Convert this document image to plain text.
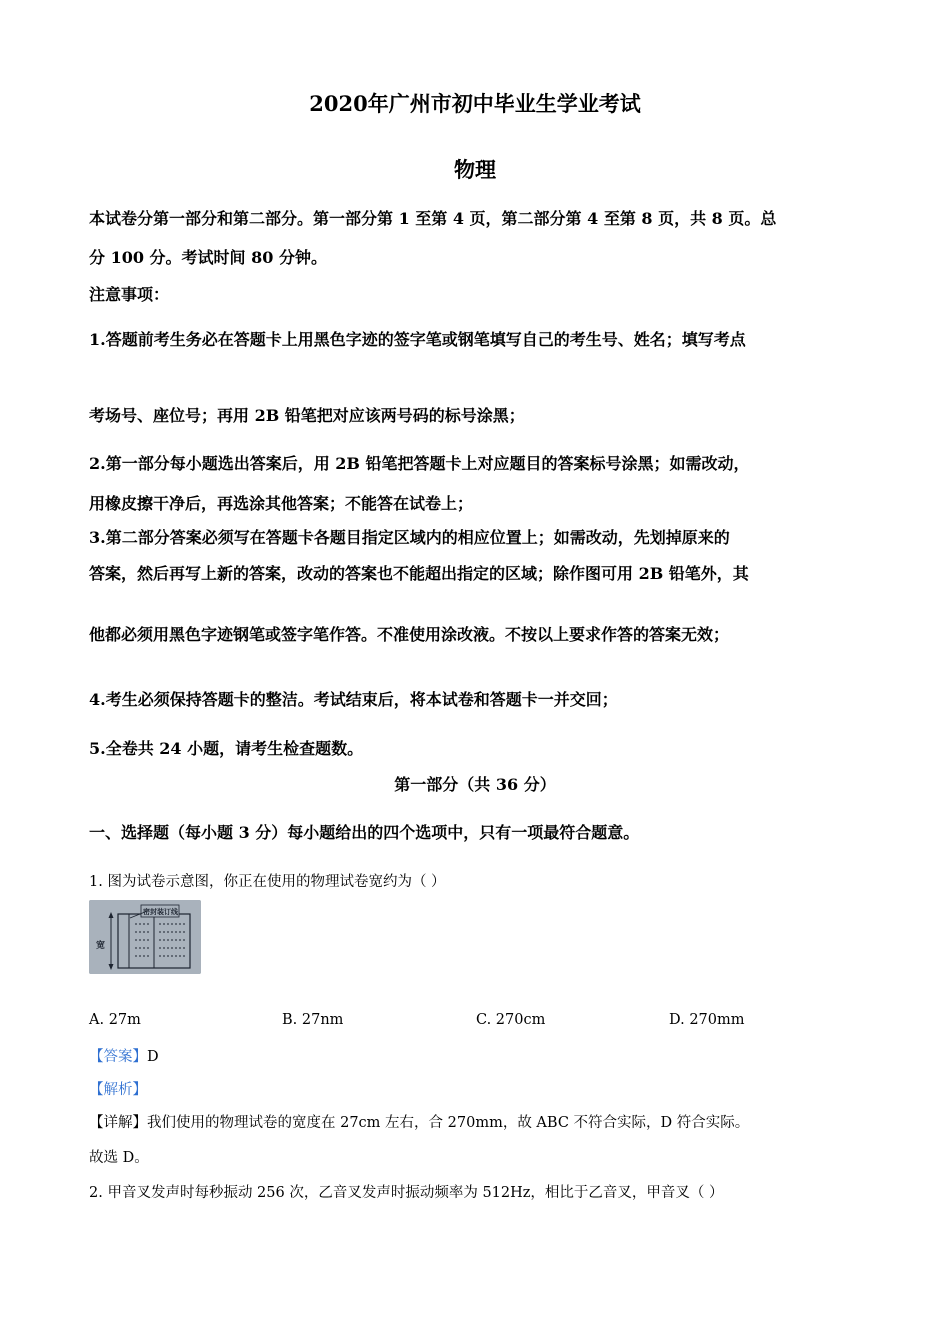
2020年广州市初中毕业生学业考试
物理
本试卷分第一部分和第二部分。第一部分第 1 至第 4 页，第二部分第 4 至第 8 页，共 8 页。总
分 100 分。考试时间 80 分钟。
注意事项：
1.答题前考生务必在答题卡上用黑色字迹的签字笔或钢笔填写自己的考生号、姓名；填写考点
考场号、座位号；再用 2B 铅笔把对应该两号码的标号涂黑；
2.第一部分每小题选出答案后，用 2B 铅笔把答题卡上对应题目的答案标号涂黑；如需改动，
用橡皮擦干净后，再选涂其他答案；不能答在试卷上；
3.第二部分答案必须写在答题卡各题目指定区域内的相应位置上；如需改动，先划掉原来的
答案，然后再写上新的答案，改动的答案也不能超出指定的区域；除作图可用 2B 铅笔外，其
他都必须用黑色字迹钢笔或签字笔作答。不准使用涂改液。不按以上要求作答的答案无效；
4.考生必须保持答题卡的整洁。考试结束后，将本试卷和答题卡一并交回；
5.全卷共 24 小题，请考生检查题数。
第一部分（共 36 分）
一、选择题（每小题 3 分）每小题给出的四个选项中，只有一项最符合题意。
1. 图为试卷示意图，你正在使用的物理试卷宽约为（ ）
密封装订线
宽
A. 27m	B. 27nm	C. 270cm	D. 270mm
【答案】D
【解析】
【详解】我们使用的物理试卷的宽度在 27cm 左右，合 270mm，故 ABC 不符合实际，D 符合实际。
故选 D。
2. 甲音叉发声时每秒振动 256 次，乙音叉发声时振动频率为 512Hz，相比于乙音叉，甲音叉（ ）
